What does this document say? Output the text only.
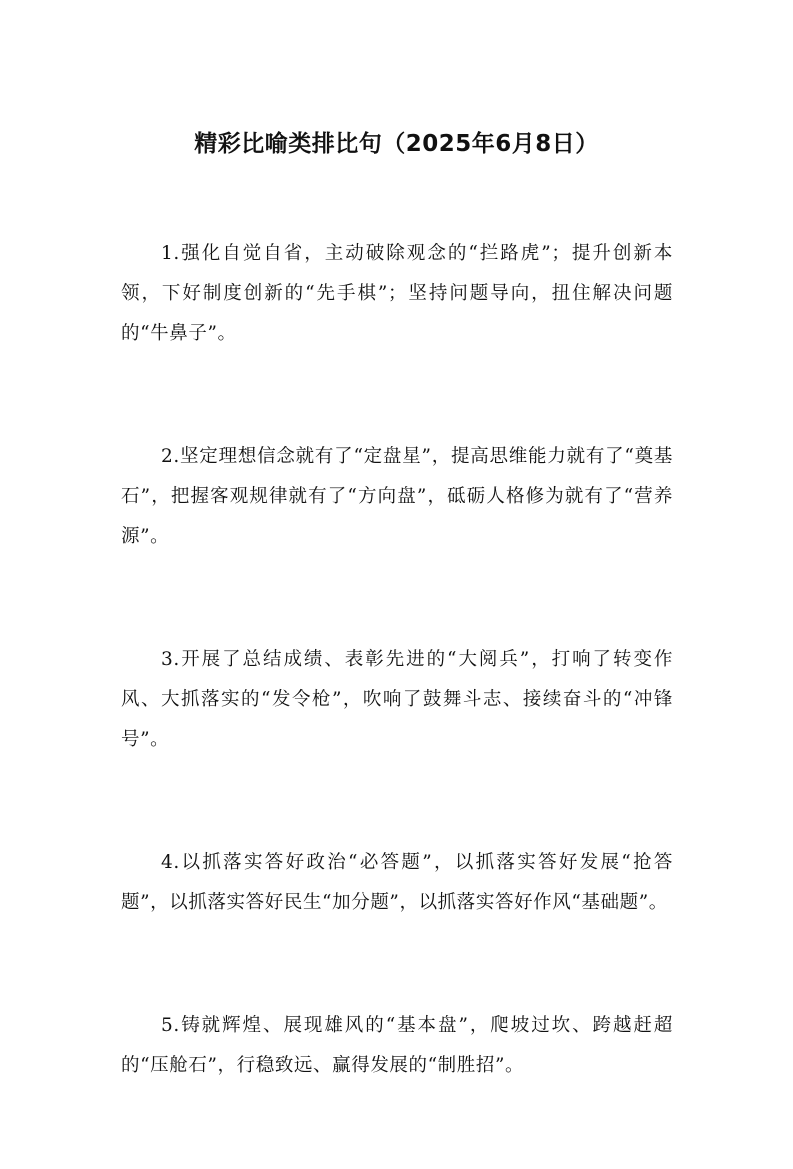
精彩比喻类排比句（2025年6月8日）

1.强化自觉自省，主动破除观念的“拦路虎”；提升创新本领，下好制度创新的“先手棋”；坚持问题导向，扭住解决问题的“牛鼻子”。

2.坚定理想信念就有了“定盘星”，提高思维能力就有了“奠基石”，把握客观规律就有了“方向盘”，砥砺人格修为就有了“营养源”。

3.开展了总结成绩、表彰先进的“大阅兵”，打响了转变作风、大抓落实的“发令枪”，吹响了鼓舞斗志、接续奋斗的“冲锋号”。

4.以抓落实答好政治“必答题”，以抓落实答好发展“抢答题”，以抓落实答好民生“加分题”，以抓落实答好作风“基础题”。

5.铸就辉煌、展现雄风的“基本盘”，爬坡过坎、跨越赶超的“压舱石”，行稳致远、赢得发展的“制胜招”。
